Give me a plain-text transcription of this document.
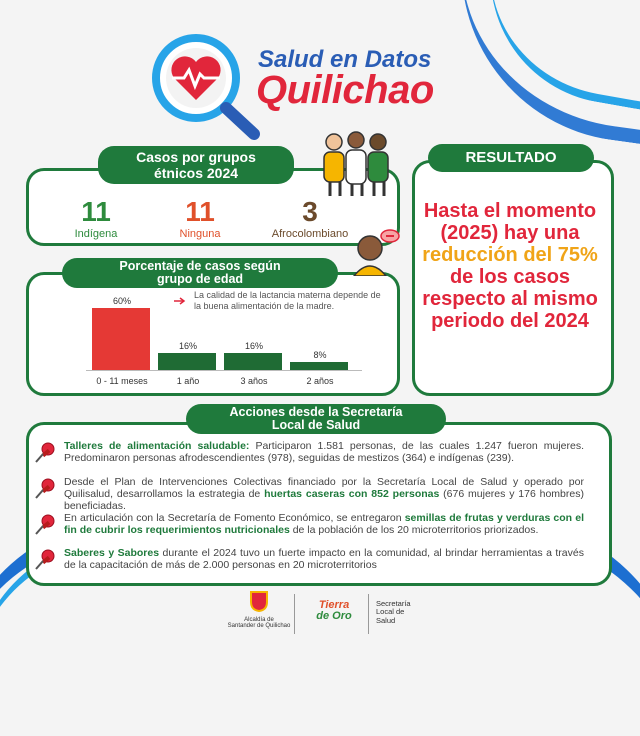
Salud en Datos
Quilichao
Casos por grupos
étnicos 2024
11
Indígena
11
Ninguna
3
Afrocolombiano
Porcentaje de casos según
grupo de edad
La calidad de la lactancia materna depende de la buena alimentación de la madre.
60%
0 - 11 meses
16%
1 año
16%
3 años
8%
2 años
RESULTADO
Hasta el momento (2025) hay una reducción del 75% de los casos respecto al mismo periodo del 2024
Acciones desde la Secretaría
Local de Salud
Talleres de alimentación saludable: Participaron 1.581 personas, de las cuales 1.247 fueron mujeres. Predominaron personas afrodescendientes (978), seguidas de mestizos (364) e indígenas (239).
Desde el Plan de Intervenciones Colectivas financiado por la Secretaría Local de Salud y operado por Quilisalud, desarrollamos la estrategia de huertas caseras con 852 personas (676 mujeres y 176 hombres) beneficiadas.
En articulación con la Secretaría de Fomento Económico, se entregaron semillas de frutas y verduras con el fin de cubrir los requerimientos nutricionales de la población de los 20 microterritorios priorizados.
Saberes y Sabores durante el 2024 tuvo un fuerte impacto en la comunidad, al brindar herramientas a través de la capacitación de más de 2.000 personas en 20 microterritorios
Alcaldía de
Santander de Quilichao
Tierra
de Oro
Secretaría
Local de
Salud
